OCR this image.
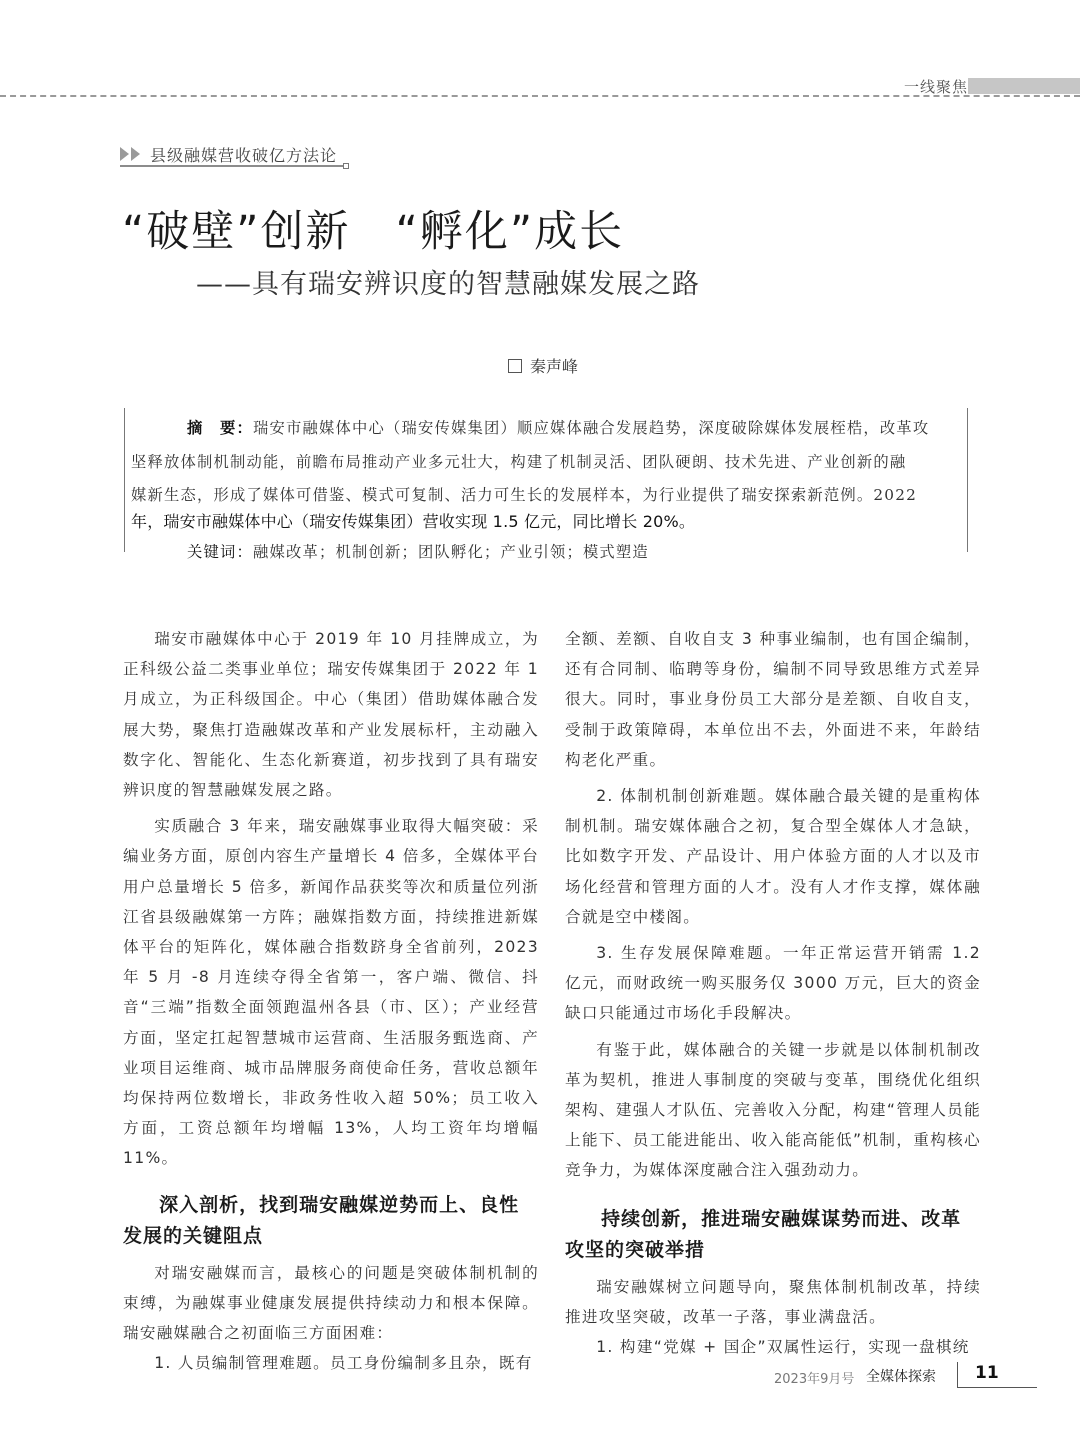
一线聚焦
县级融媒营收破亿方法论
“破壁”创新　“孵化”成长
——具有瑞安辨识度的智慧融媒发展之路
秦声峰

摘　要：瑞安市融媒体中心（瑞安传媒集团）顺应媒体融合发展趋势，深度破除媒体发展桎梏，改革攻

坚释放体制机制动能，前瞻布局推动产业多元壮大，构建了机制灵活、团队硬朗、技术先进、产业创新的融

媒新生态，形成了媒体可借鉴、模式可复制、活力可生长的发展样本，为行业提供了瑞安探索新范例。2022

年，瑞安市融媒体中心（瑞安传媒集团）营收实现 1.5 亿元，同比增长 20%。

关键词：融媒改革；机制创新；团队孵化；产业引领；模式塑造

瑞安市融媒体中心于 2019 年 10 月挂牌成立，为正科级公益二类事业单位；瑞安传媒集团于 2022 年 1 月成立，为正科级国企。中心（集团）借助媒体融合发展大势，聚焦打造融媒改革和产业发展标杆，主动融入数字化、智能化、生态化新赛道，初步找到了具有瑞安辨识度的智慧融媒发展之路。

实质融合 3 年来，瑞安融媒事业取得大幅突破：采编业务方面，原创内容生产量增长 4 倍多，全媒体平台用户总量增长 5 倍多，新闻作品获奖等次和质量位列浙江省县级融媒第一方阵；融媒指数方面，持续推进新媒体平台的矩阵化，媒体融合指数跻身全省前列，2023 年 5 月 -8 月连续夺得全省第一，客户端、微信、抖音“三端”指数全面领跑温州各县（市、区）；产业经营方面，坚定扛起智慧城市运营商、生活服务甄选商、产业项目运维商、城市品牌服务商使命任务，营收总额年均保持两位数增长，非政务性收入超 50%；员工收入方面，工资总额年均增幅 13%，人均工资年均增幅 11%。

深入剖析，找到瑞安融媒逆势而上、良性发展的关键阻点

对瑞安融媒而言，最核心的问题是突破体制机制的束缚，为融媒事业健康发展提供持续动力和根本保障。瑞安融媒融合之初面临三方面困难：

1. 人员编制管理难题。员工身份编制多且杂，既有

全额、差额、自收自支 3 种事业编制，也有国企编制，还有合同制、临聘等身份，编制不同导致思维方式差异很大。同时，事业身份员工大部分是差额、自收自支，受制于政策障碍，本单位出不去，外面进不来，年龄结构老化严重。

2. 体制机制创新难题。媒体融合最关键的是重构体制机制。瑞安媒体融合之初，复合型全媒体人才急缺，比如数字开发、产品设计、用户体验方面的人才以及市场化经营和管理方面的人才。没有人才作支撑，媒体融合就是空中楼阁。

3. 生存发展保障难题。一年正常运营开销需 1.2 亿元，而财政统一购买服务仅 3000 万元，巨大的资金缺口只能通过市场化手段解决。

有鉴于此，媒体融合的关键一步就是以体制机制改革为契机，推进人事制度的突破与变革，围绕优化组织架构、建强人才队伍、完善收入分配，构建“管理人员能上能下、员工能进能出、收入能高能低”机制，重构核心竞争力，为媒体深度融合注入强劲动力。

持续创新，推进瑞安融媒谋势而进、改革攻坚的突破举措

瑞安融媒树立问题导向，聚焦体制机制改革，持续推进攻坚突破，改革一子落，事业满盘活。

1. 构建“党媒 + 国企”双属性运行，实现一盘棋统

2023年9月号 全媒体探索 11
